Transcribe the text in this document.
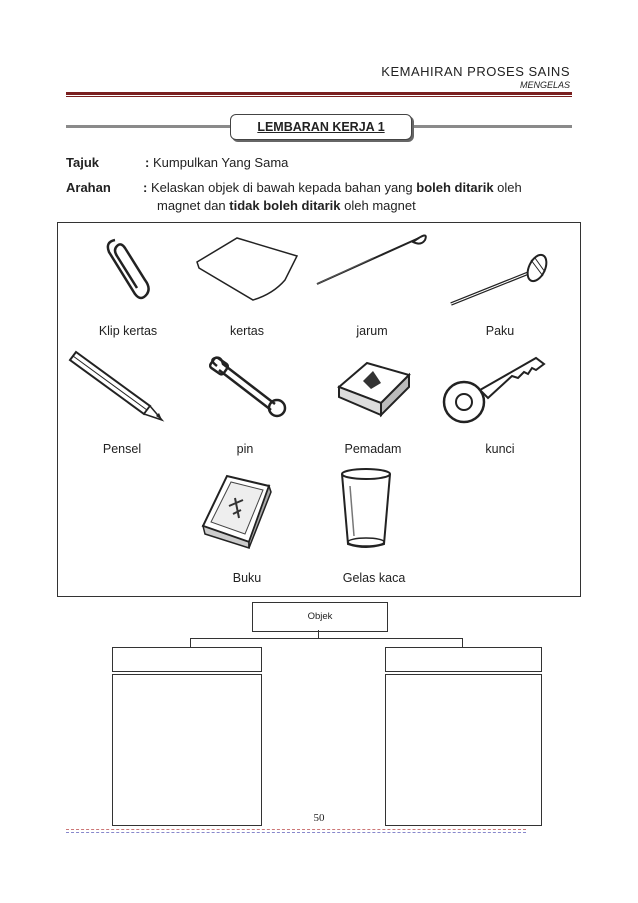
KEMAHIRAN PROSES SAINS
MENGELAS
LEMBARAN KERJA 1
Tajuk	: Kumpulkan Yang Sama
Arahan : Kelaskan objek di bawah kepada bahan yang boleh ditarik oleh
magnet dan tidak boleh ditarik oleh magnet
Klip kertas	kertas	jarum	Paku
Pensel	pin	Pemadam	kunci
Buku	Gelas kaca
Objek
50
